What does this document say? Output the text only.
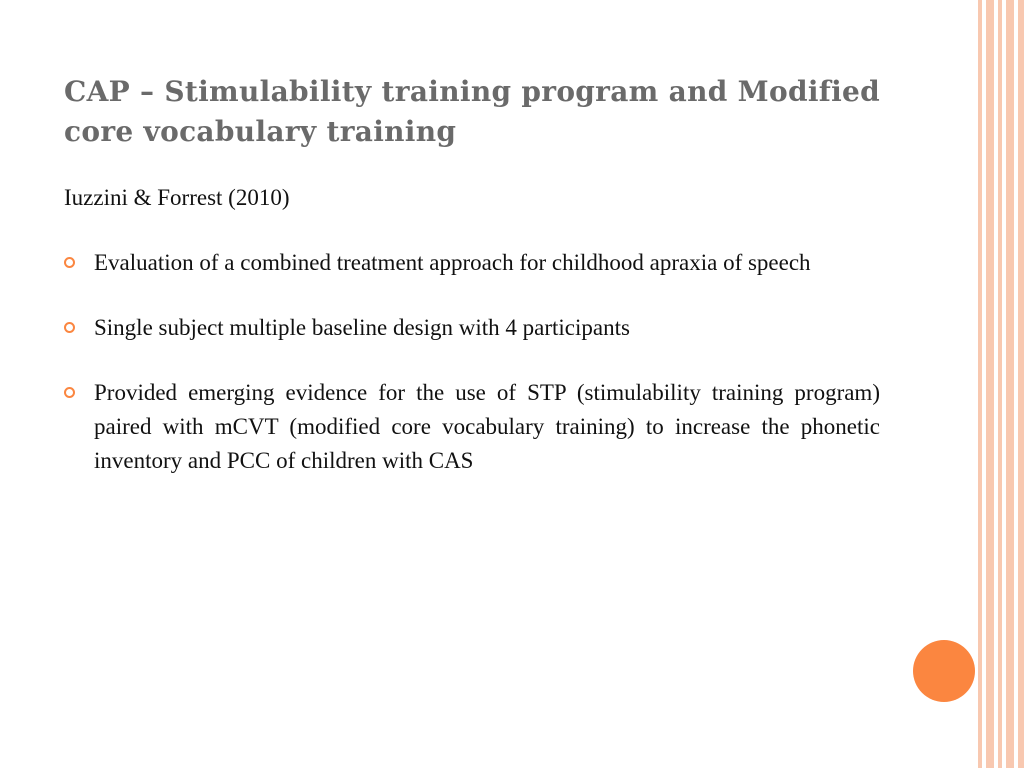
CAP – Stimulability training program and Modified core vocabulary training

Iuzzini & Forrest (2010)

Evaluation of a combined treatment approach for childhood apraxia of speech
Single subject multiple baseline design with 4 participants
Provided emerging evidence for the use of STP (stimulability training program) paired with mCVT (modified core vocabulary training) to increase the phonetic inventory and PCC of children with CAS
